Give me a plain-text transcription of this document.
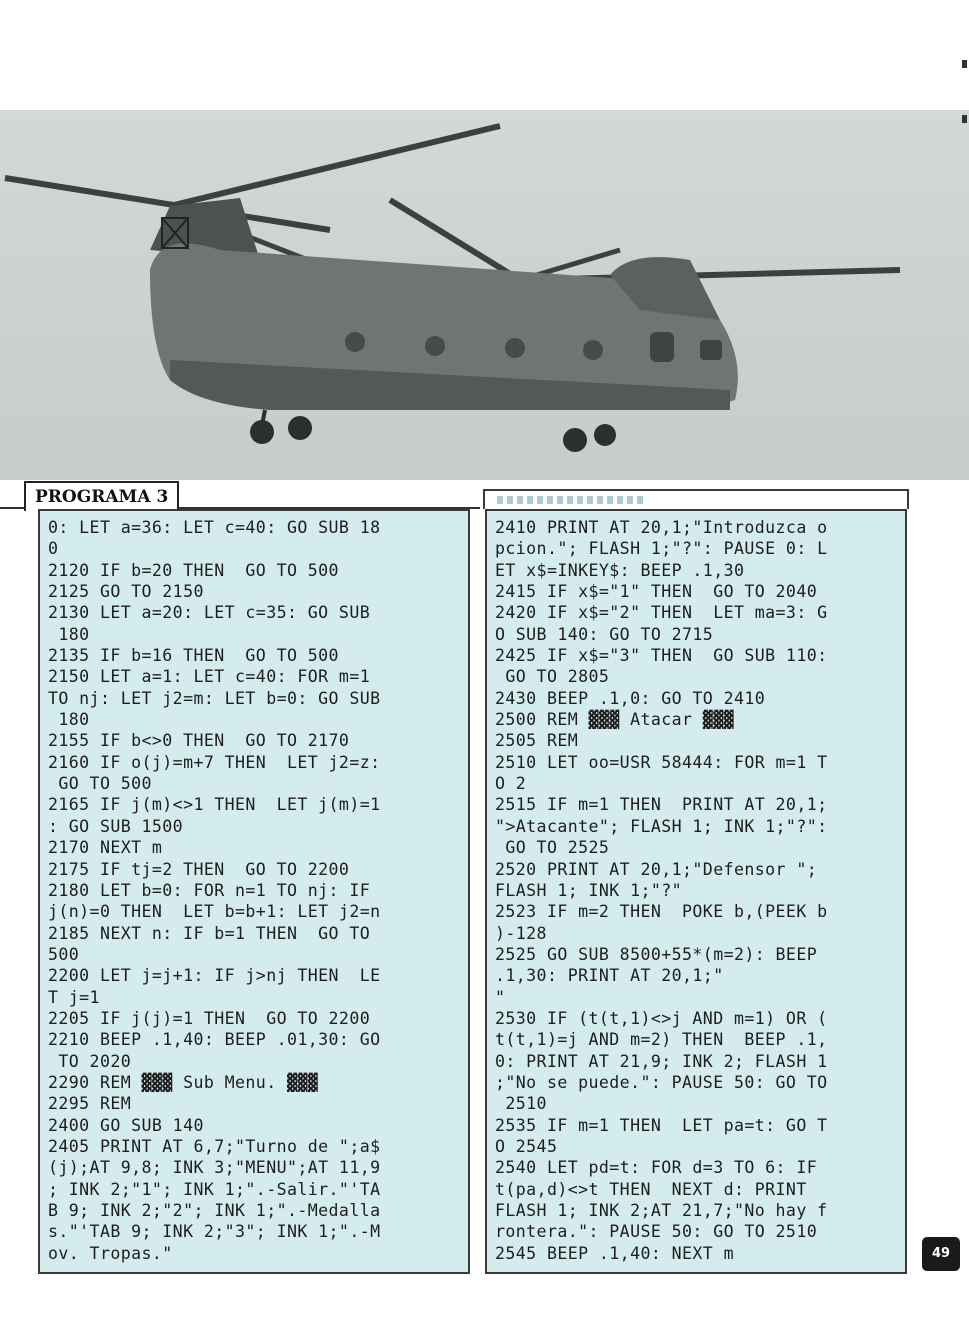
PROGRAMA 3
0: LET a=36: LET c=40: GO SUB 18
0
2120 IF b=20 THEN  GO TO 500
2125 GO TO 2150
2130 LET a=20: LET c=35: GO SUB
180
2135 IF b=16 THEN  GO TO 500
2150 LET a=1: LET c=40: FOR m=1
TO nj: LET j2=m: LET b=0: GO SUB
180
2155 IF b<>0 THEN  GO TO 2170
2160 IF o(j)=m+7 THEN  LET j2=z:
GO TO 500
2165 IF j(m)<>1 THEN  LET j(m)=1
: GO SUB 1500
2170 NEXT m
2175 IF tj=2 THEN  GO TO 2200
2180 LET b=0: FOR n=1 TO nj: IF
j(n)=0 THEN  LET b=b+1: LET j2=n
2185 NEXT n: IF b=1 THEN  GO TO
500
2200 LET j=j+1: IF j>nj THEN  LE
T j=1
2205 IF j(j)=1 THEN  GO TO 2200
2210 BEEP .1,40: BEEP .01,30: GO
TO 2020
2290 REM ▓▓▓ Sub Menu. ▓▓▓
2295 REM
2400 GO SUB 140
2405 PRINT AT 6,7;"Turno de ";a$
(j);AT 9,8; INK 3;"MENU";AT 11,9
; INK 2;"1"; INK 1;".-Salir."'TA
B 9; INK 2;"2"; INK 1;".-Medalla
s."'TAB 9; INK 2;"3"; INK 1;".-M
ov. Tropas."
2410 PRINT AT 20,1;"Introduzca o
pcion."; FLASH 1;"?": PAUSE 0: L
ET x$=INKEY$: BEEP .1,30
2415 IF x$="1" THEN  GO TO 2040
2420 IF x$="2" THEN  LET ma=3: G
O SUB 140: GO TO 2715
2425 IF x$="3" THEN  GO SUB 110:
GO TO 2805
2430 BEEP .1,0: GO TO 2410
2500 REM ▓▓▓ Atacar ▓▓▓
2505 REM
2510 LET oo=USR 58444: FOR m=1 T
O 2
2515 IF m=1 THEN  PRINT AT 20,1;
">Atacante"; FLASH 1; INK 1;"?":
GO TO 2525
2520 PRINT AT 20,1;"Defensor ";
FLASH 1; INK 1;"?"
2523 IF m=2 THEN  POKE b,(PEEK b
)-128
2525 GO SUB 8500+55*(m=2): BEEP
.1,30: PRINT AT 20,1;"
"
2530 IF (t(t,1)<>j AND m=1) OR (
t(t,1)=j AND m=2) THEN  BEEP .1,
0: PRINT AT 21,9; INK 2; FLASH 1
;"No se puede.": PAUSE 50: GO TO
2510
2535 IF m=1 THEN  LET pa=t: GO T
O 2545
2540 LET pd=t: FOR d=3 TO 6: IF
t(pa,d)<>t THEN  NEXT d: PRINT
FLASH 1; INK 2;AT 21,7;"No hay f
rontera.": PAUSE 50: GO TO 2510
2545 BEEP .1,40: NEXT m	49
